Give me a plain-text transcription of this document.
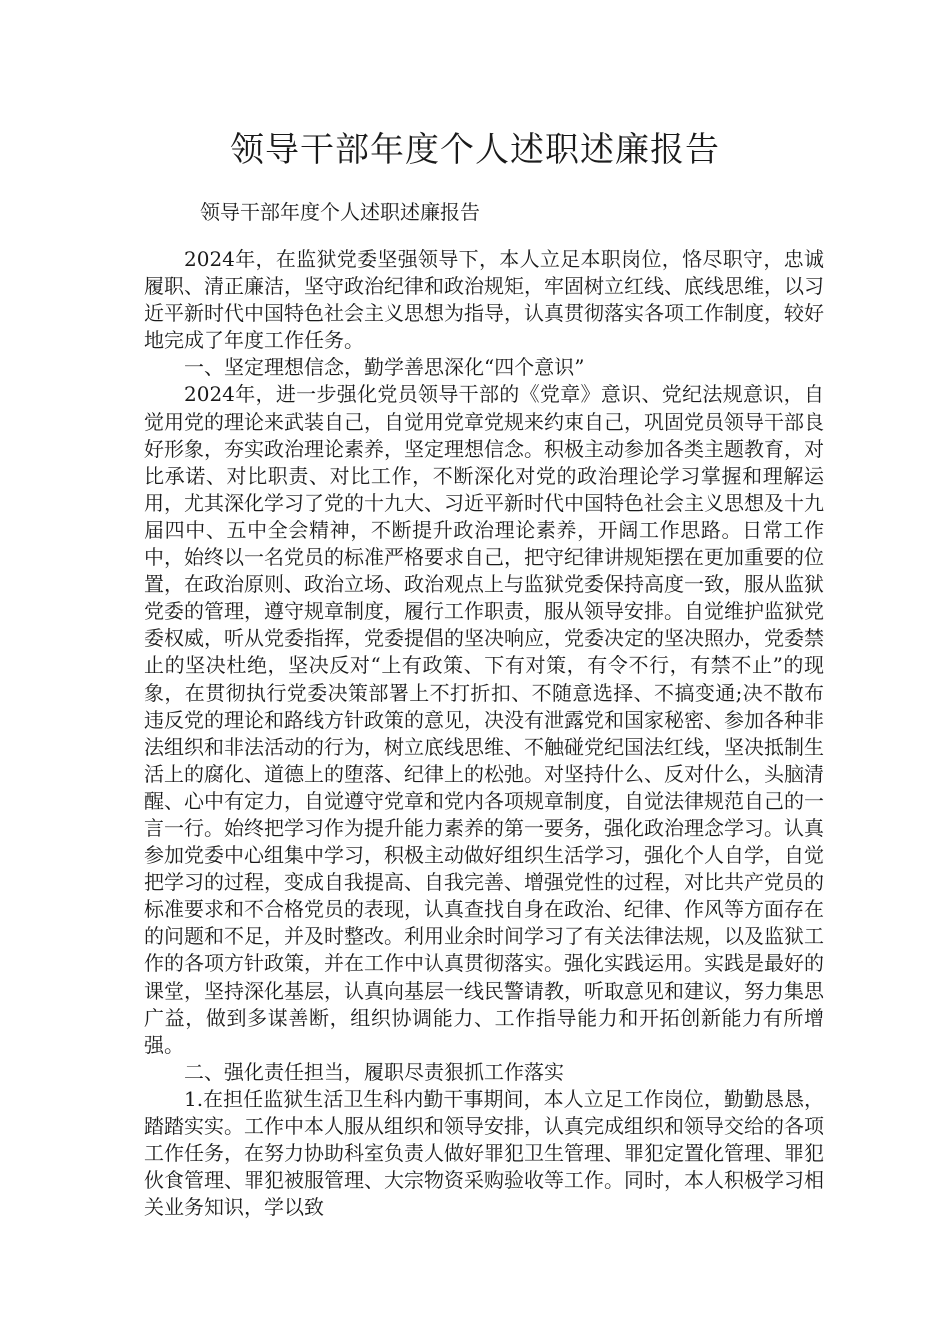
领导干部年度个人述职述廉报告

领导干部年度个人述职述廉报告

2024年，在监狱党委坚强领导下，本人立足本职岗位，恪尽职守，忠诚履职、清正廉洁，坚守政治纪律和政治规矩，牢固树立红线、底线思维，以习近平新时代中国特色社会主义思想为指导，认真贯彻落实各项工作制度，较好地完成了年度工作任务。

一、坚定理想信念，勤学善思深化“四个意识”

2024年，进一步强化党员领导干部的《党章》意识、党纪法规意识，自觉用党的理论来武装自己，自觉用党章党规来约束自己，巩固党员领导干部良好形象，夯实政治理论素养，坚定理想信念。积极主动参加各类主题教育，对比承诺、对比职责、对比工作，不断深化对党的政治理论学习掌握和理解运用，尤其深化学习了党的十九大、习近平新时代中国特色社会主义思想及十九届四中、五中全会精神，不断提升政治理论素养，开阔工作思路。日常工作中，始终以一名党员的标准严格要求自己，把守纪律讲规矩摆在更加重要的位置，在政治原则、政治立场、政治观点上与监狱党委保持高度一致，服从监狱党委的管理，遵守规章制度，履行工作职责，服从领导安排。自觉维护监狱党委权威，听从党委指挥，党委提倡的坚决响应，党委决定的坚决照办，党委禁止的坚决杜绝，坚决反对“上有政策、下有对策，有令不行，有禁不止”的现象，在贯彻执行党委决策部署上不打折扣、不随意选择、不搞变通;决不散布违反党的理论和路线方针政策的意见，决没有泄露党和国家秘密、参加各种非法组织和非法活动的行为，树立底线思维、不触碰党纪国法红线，坚决抵制生活上的腐化、道德上的堕落、纪律上的松弛。对坚持什么、反对什么，头脑清醒、心中有定力，自觉遵守党章和党内各项规章制度，自觉法律规范自己的一言一行。始终把学习作为提升能力素养的第一要务，强化政治理念学习。认真参加党委中心组集中学习，积极主动做好组织生活学习，强化个人自学，自觉把学习的过程，变成自我提高、自我完善、增强党性的过程，对比共产党员的标准要求和不合格党员的表现，认真查找自身在政治、纪律、作风等方面存在的问题和不足，并及时整改。利用业余时间学习了有关法律法规，以及监狱工作的各项方针政策，并在工作中认真贯彻落实。强化实践运用。实践是最好的课堂，坚持深化基层，认真向基层一线民警请教，听取意见和建议，努力集思广益，做到多谋善断，组织协调能力、工作指导能力和开拓创新能力有所增强。

二、强化责任担当，履职尽责狠抓工作落实

1.在担任监狱生活卫生科内勤干事期间，本人立足工作岗位，勤勤恳恳，踏踏实实。工作中本人服从组织和领导安排，认真完成组织和领导交给的各项工作任务，在努力协助科室负责人做好罪犯卫生管理、罪犯定置化管理、罪犯伙食管理、罪犯被服管理、大宗物资采购验收等工作。同时，本人积极学习相关业务知识，学以致
